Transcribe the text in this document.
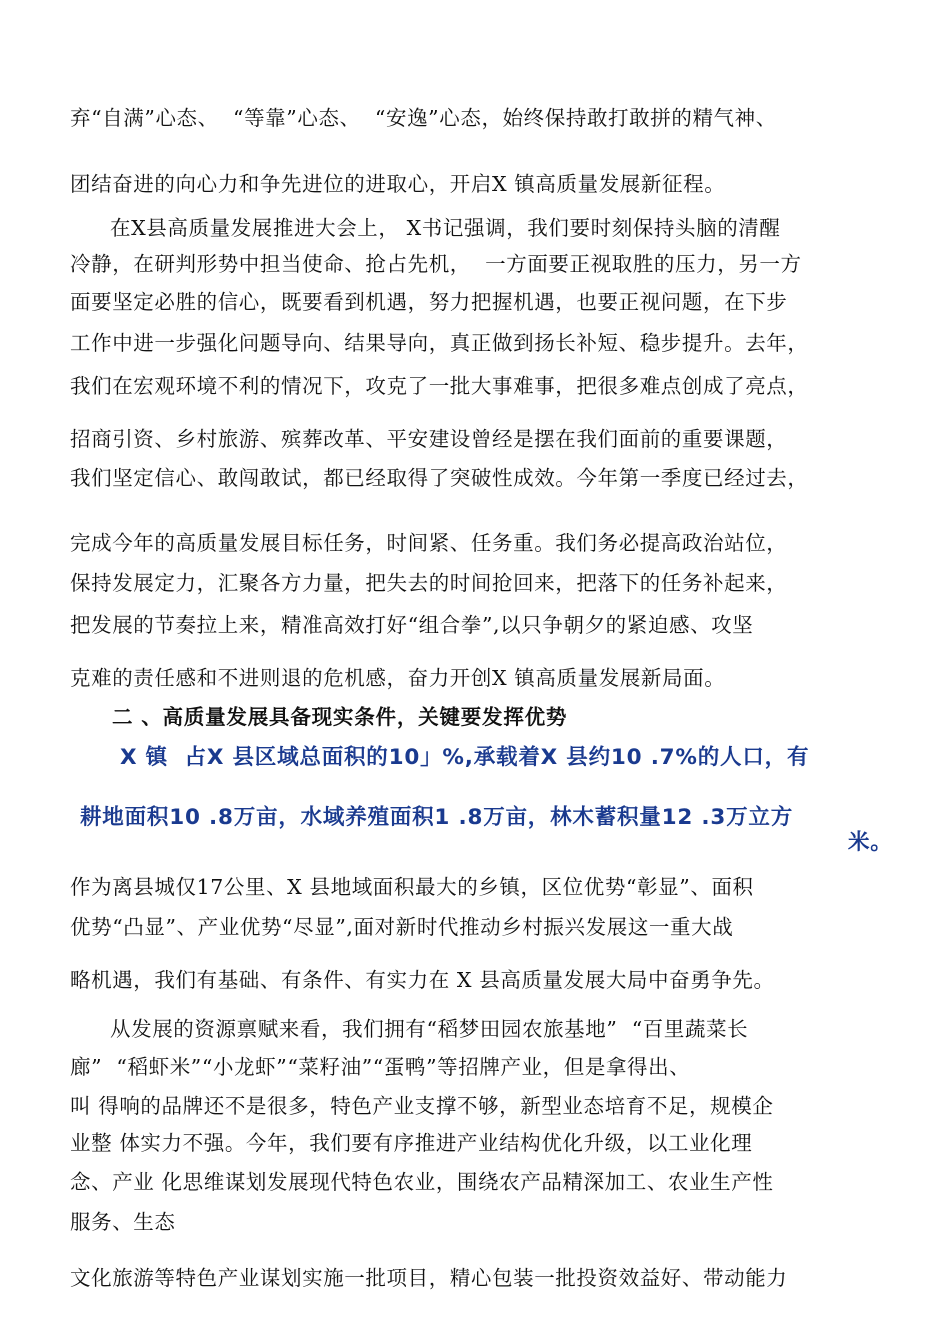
弃“自满”心态、  “等靠”心态、  “安逸”心态，始终保持敢打敢拼的精气神、
团结奋进的向心力和争先进位的进取心，开启X 镇高质量发展新征程。
在X县高质量发展推进大会上， X书记强调，我们要时刻保持头脑的清醒
冷静，在研判形势中担当使命、抢占先机，  一方面要正视取胜的压力，另一方
面要坚定必胜的信心，既要看到机遇，努力把握机遇，也要正视问题，在下步
工作中进一步强化问题导向、结果导向，真正做到扬长补短、稳步提升。去年，
我们在宏观环境不利的情况下，攻克了一批大事难事，把很多难点创成了亮点，
招商引资、乡村旅游、殡葬改革、平安建设曾经是摆在我们面前的重要课题，
我们坚定信心、敢闯敢试，都已经取得了突破性成效。今年第一季度已经过去，
完成今年的高质量发展目标任务，时间紧、任务重。我们务必提高政治站位，
保持发展定力，汇聚各方力量，把失去的时间抢回来，把落下的任务补起来，
把发展的节奏拉上来，精准高效打好“组合拳”,以只争朝夕的紧迫感、攻坚
克难的责任感和不进则退的危机感，奋力开创X 镇高质量发展新局面。
二 、高质量发展具备现实条件，关键要发挥优势
X 镇  占X 县区域总面积的10」%,承载着X 县约10 .7%的人口，有
耕地面积10 .8万亩，水域养殖面积1 .8万亩，林木蓄积量12 .3万立方
米。
作为离县城仅17公里、X 县地域面积最大的乡镇，区位优势“彰显”、面积
优势“凸显”、产业优势“尽显”,面对新时代推动乡村振兴发展这一重大战
略机遇，我们有基础、有条件、有实力在 X 县高质量发展大局中奋勇争先。
从发展的资源禀赋来看，我们拥有“稻梦田园农旅基地”  “百里蔬菜长
廊”  “稻虾米”“小龙虾”“菜籽油”“蛋鸭”等招牌产业，但是拿得出、
叫 得响的品牌还不是很多，特色产业支撑不够，新型业态培育不足，规模企
业整 体实力不强。今年，我们要有序推进产业结构优化升级，以工业化理
念、产业 化思维谋划发展现代特色农业，围绕农产品精深加工、农业生产性
服务、生态
文化旅游等特色产业谋划实施一批项目，精心包装一批投资效益好、带动能力
